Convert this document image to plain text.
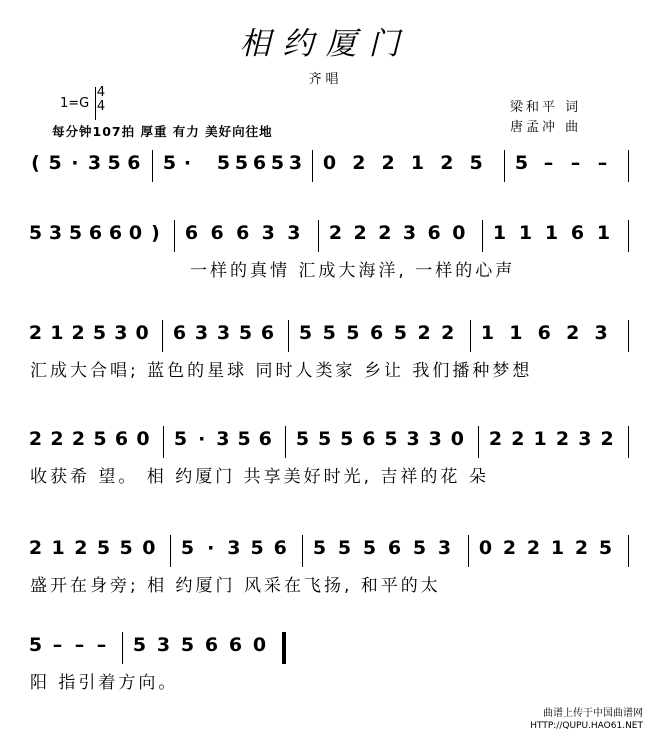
相约厦门
齐唱
1=G
4
4
每分钟107拍 厚重 有力 美好向往地
梁和平 词
唐孟冲 曲
( 5 · 3 5 6 5 · 5 5 6 5 3 0 2 2 1 2 5 5 – – –
5 3 5 6 6 0 ) 6 6 6 3 3 2 2 2 3 6 0 1 1 1 6 1
一样的真情 汇成大海洋, 一样的心声
2 1 2 5 3 0 6 3 3 5 6 5 5 5 6 5 2 2 1 1 6 2 3
汇成大合唱; 蓝色的星球 同时人类家 乡让 我们播种梦想
2 2 2 5 6 0 5 · 3 5 6 5 5 5 6 5 3 3 0 2 2 1 2 3 2
收获希 望。 相 约厦门 共享美好时光, 吉祥的花 朵
2 1 2 5 5 0 5 · 3 5 6 5 5 5 6 5 3 0 2 2 1 2 5
盛开在身旁; 相 约厦门 风采在飞扬, 和平的太
5 – – – 5 3 5 6 6 0
阳 指引着方向。
曲谱上传于中国曲谱网
HTTP://QUPU.HAO61.NET
